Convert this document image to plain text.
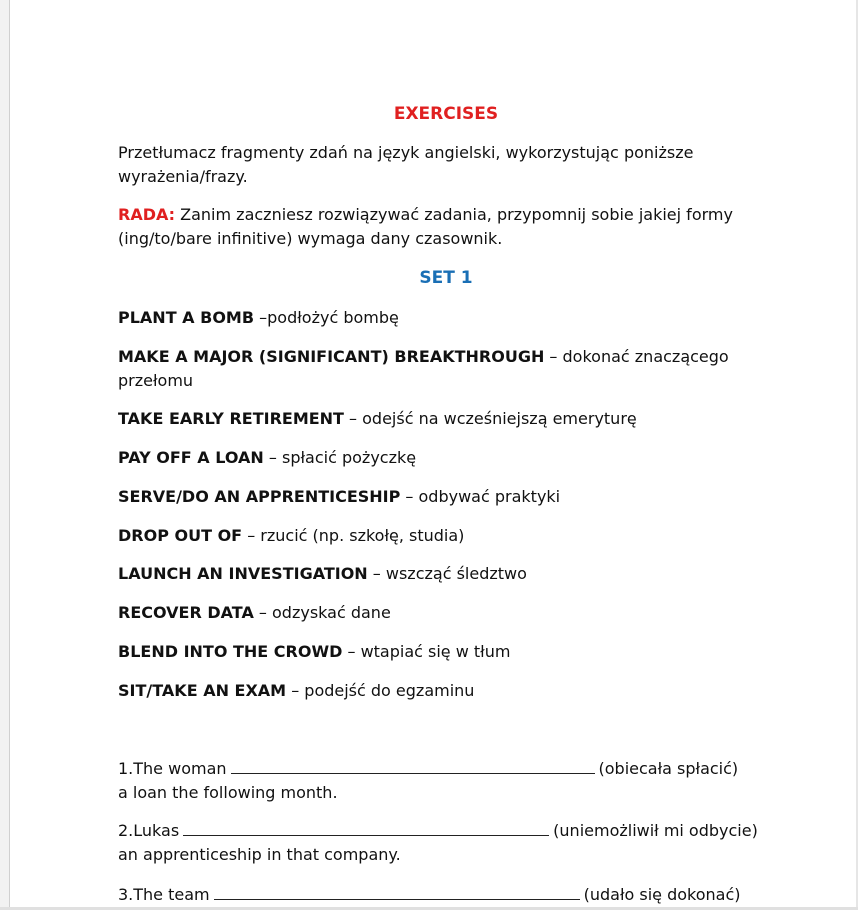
EXERCISES
Przetłumacz fragmenty zdań na język angielski, wykorzystując poniższe wyrażenia/frazy.
RADA: Zanim zaczniesz rozwiązywać zadania, przypomnij sobie jakiej formy (ing/to/bare infinitive) wymaga dany czasownik.
SET 1
PLANT A BOMB –podłożyć bombę
MAKE A MAJOR (SIGNIFICANT) BREAKTHROUGH – dokonać znaczącego przełomu
TAKE EARLY RETIREMENT – odejść na wcześniejszą emeryturę
PAY OFF A LOAN – spłacić pożyczkę
SERVE/DO AN APPRENTICESHIP – odbywać praktyki
DROP OUT OF – rzucić (np. szkołę, studia)
LAUNCH AN INVESTIGATION – wszcząć śledztwo
RECOVER DATA – odzyskać dane
BLEND INTO THE CROWD – wtapiać się w tłum
SIT/TAKE AN EXAM – podejść do egzaminu
1.The woman	(obiecała spłacić)
a loan the following month.
2.Lukas	(uniemożliwił mi odbycie)
an apprenticeship in that company.
3.The team	(udało się dokonać)
